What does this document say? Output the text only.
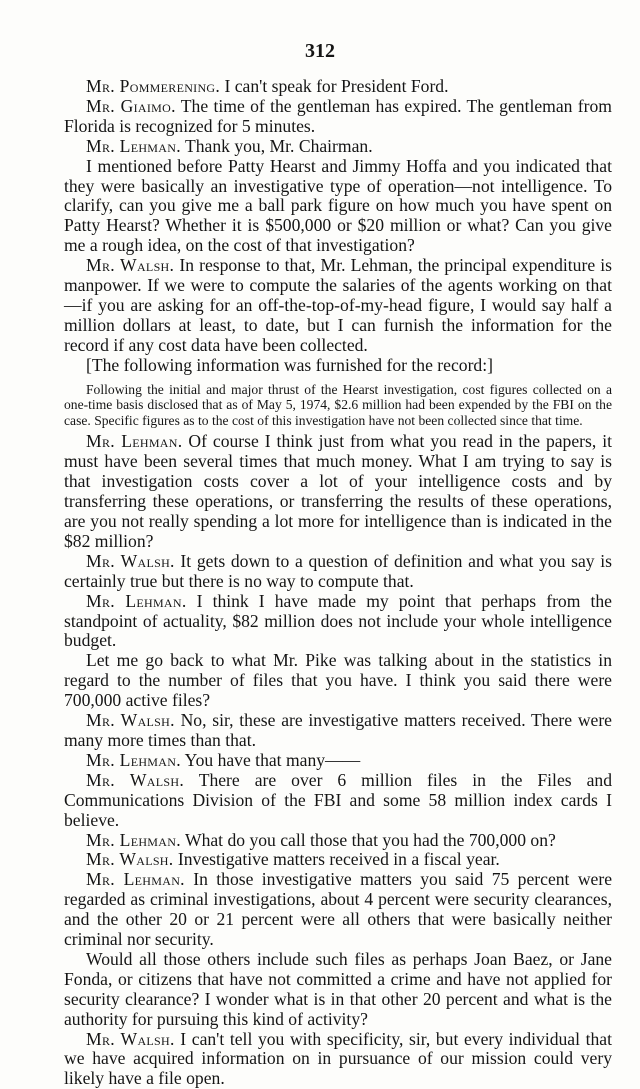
312

Mr. Pommerening. I can't speak for President Ford.

Mr. Giaimo. The time of the gentleman has expired. The gentleman from Florida is recognized for 5 minutes.

Mr. Lehman. Thank you, Mr. Chairman.

I mentioned before Patty Hearst and Jimmy Hoffa and you indicated that they were basically an investigative type of operation—not intelligence. To clarify, can you give me a ball park figure on how much you have spent on Patty Hearst? Whether it is $500,000 or $20 million or what? Can you give me a rough idea, on the cost of that investigation?

Mr. Walsh. In response to that, Mr. Lehman, the principal expenditure is manpower. If we were to compute the salaries of the agents working on that—if you are asking for an off-the-top-of-my-head figure, I would say half a million dollars at least, to date, but I can furnish the information for the record if any cost data have been collected.

[The following information was furnished for the record:]

Following the initial and major thrust of the Hearst investigation, cost figures collected on a one-time basis disclosed that as of May 5, 1974, $2.6 million had been expended by the FBI on the case. Specific figures as to the cost of this investigation have not been collected since that time.

Mr. Lehman. Of course I think just from what you read in the papers, it must have been several times that much money. What I am trying to say is that investigation costs cover a lot of your intelligence costs and by transferring these operations, or transferring the results of these operations, are you not really spending a lot more for intelligence than is indicated in the $82 million?

Mr. Walsh. It gets down to a question of definition and what you say is certainly true but there is no way to compute that.

Mr. Lehman. I think I have made my point that perhaps from the standpoint of actuality, $82 million does not include your whole intelligence budget.

Let me go back to what Mr. Pike was talking about in the statistics in regard to the number of files that you have. I think you said there were 700,000 active files?

Mr. Walsh. No, sir, these are investigative matters received. There were many more times than that.

Mr. Lehman. You have that many——

Mr. Walsh. There are over 6 million files in the Files and Communications Division of the FBI and some 58 million index cards I believe.

Mr. Lehman. What do you call those that you had the 700,000 on?

Mr. Walsh. Investigative matters received in a fiscal year.

Mr. Lehman. In those investigative matters you said 75 percent were regarded as criminal investigations, about 4 percent were security clearances, and the other 20 or 21 percent were all others that were basically neither criminal nor security.

Would all those others include such files as perhaps Joan Baez, or Jane Fonda, or citizens that have not committed a crime and have not applied for security clearance? I wonder what is in that other 20 percent and what is the authority for pursuing this kind of activity?

Mr. Walsh. I can't tell you with specificity, sir, but every individual that we have acquired information on in pursuance of our mission could very likely have a file open.
